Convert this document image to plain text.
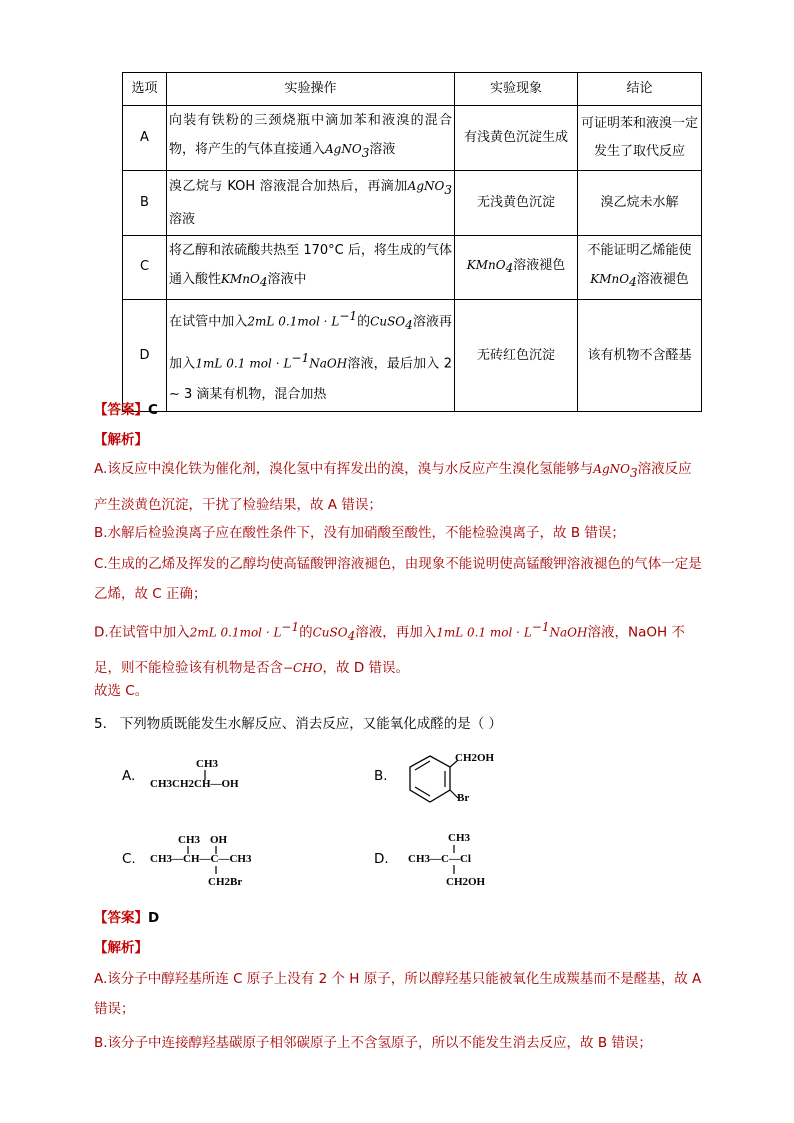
选项	实验操作	实验现象	结论
A	向装有铁粉的三颈烧瓶中滴加苯和液溴的混合物，将产生的气体直接通入AgNO$_3$溶液	有浅黄色沉淀生成	可证明苯和液溴一定发生了取代反应
B	溴乙烷与 KOH 溶液混合加热后，再滴加AgNO$_3$溶液	无浅黄色沉淀	溴乙烷未水解
C	将乙醇和浓硫酸共热至 170°C 后，将生成的气体通入酸性KMnO$_4$溶液中	KMnO$_4$溶液褪色	不能证明乙烯能使
KMnO$_4$溶液褪色
D	在试管中加入2mL $0.1mol \cdot L^{-1}$的CuSO$_4$溶液再加入1mL 0.1 mol · $L^{-1}NaOH$溶液，最后加入 2 ∼ 3 滴某有机物，混合加热	无砖红色沉淀	该有机物不含醛基
【答案】C
【解析】
A.该反应中溴化铁为催化剂，溴化氢中有挥发出的溴，溴与水反应产生溴化氢能够与AgNO$_3$溶液反应产生淡黄色沉淀，干扰了检验结果，故 A 错误；
B.水解后检验溴离子应在酸性条件下，没有加硝酸至酸性，不能检验溴离子，故 B 错误；
C.生成的乙烯及挥发的乙醇均使高锰酸钾溶液褪色，由现象不能说明使高锰酸钾溶液褪色的气体一定是乙烯，故 C 正确；
D.在试管中加入2mL $0.1mol \cdot L^{-1}$的CuSO$_4$溶液，再加入1mL 0.1 mol · $L^{-1}NaOH$溶液，NaOH 不足，则不能检验该有机物是否含−CHO，故 D 错误。
故选 C。
5. 下列物质既能发生水解反应、消去反应，又能氧化成醛的是（ ）
A.
CH3
CH3CH2CH—OH	B.
CH2OH
Br
C.
CH3 OH
CH3—CH—C—CH3
CH2Br
D.
CH3
CH3—C—Cl
CH2OH
【答案】D
【解析】
A.该分子中醇羟基所连 C 原子上没有 2 个 H 原子，所以醇羟基只能被氧化生成羰基而不是醛基，故 A 错误；
B.该分子中连接醇羟基碳原子相邻碳原子上不含氢原子，所以不能发生消去反应，故 B 错误；
